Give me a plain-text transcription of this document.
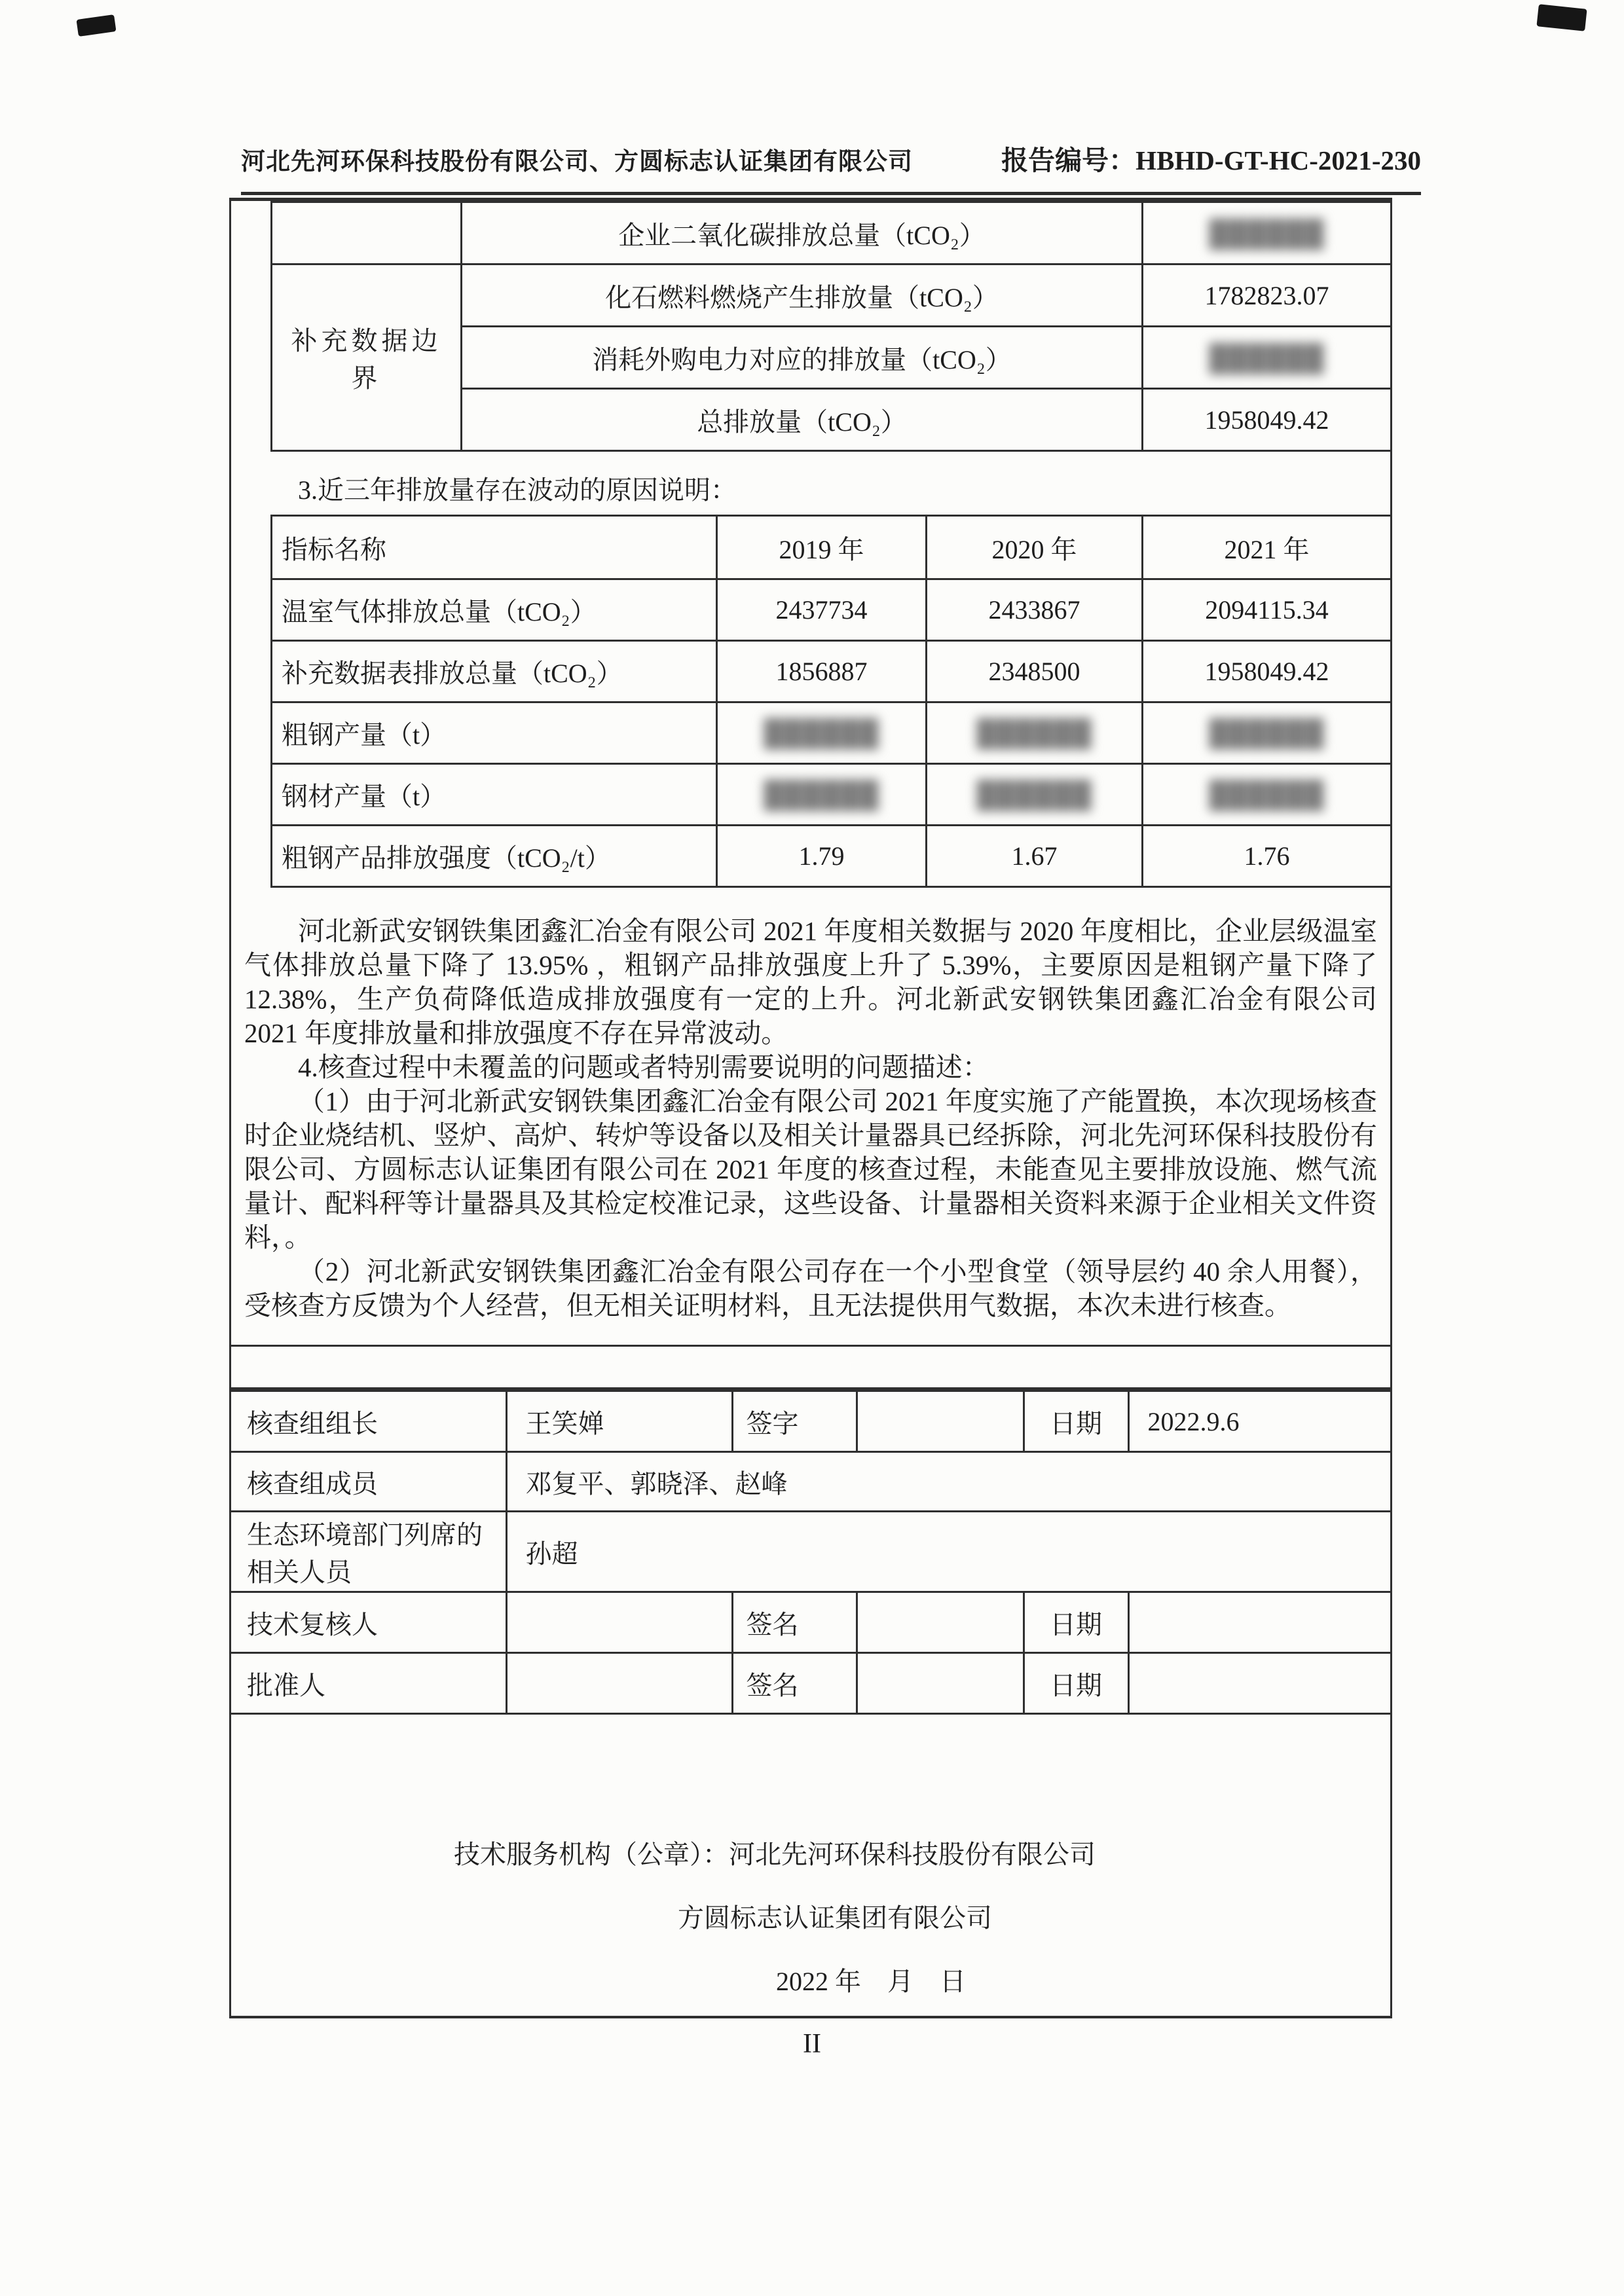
河北先河环保科技股份有限公司、方圆标志认证集团有限公司	报告编号：HBHD-GT-HC-2021-230
	企业二氧化碳排放总量（tCO₂）	██████
补充数据边界	化石燃料燃烧产生排放量（tCO₂）	1782823.07
	消耗外购电力对应的排放量（tCO₂）	██████
	总排放量（tCO₂）	1958049.42
3.近三年排放量存在波动的原因说明：
指标名称	2019 年	2020 年	2021 年
温室气体排放总量（tCO₂）	2437734	2433867	2094115.34
补充数据表排放总量（tCO₂）	1856887	2348500	1958049.42
粗钢产量（t）	██████	██████	██████
钢材产量（t）	██████	██████	██████
粗钢产品排放强度（tCO₂/t）	1.79	1.67	1.76

河北新武安钢铁集团鑫汇冶金有限公司 2021 年度相关数据与 2020 年度相比，企业层级温室气体排放总量下降了 13.95% ，粗钢产品排放强度上升了 5.39%，主要原因是粗钢产量下降了 12.38%，生产负荷降低造成排放强度有一定的上升。河北新武安钢铁集团鑫汇冶金有限公司 2021 年度排放量和排放强度不存在异常波动。

4.核查过程中未覆盖的问题或者特别需要说明的问题描述：

（1）由于河北新武安钢铁集团鑫汇冶金有限公司 2021 年度实施了产能置换，本次现场核查时企业烧结机、竖炉、高炉、转炉等设备以及相关计量器具已经拆除，河北先河环保科技股份有限公司、方圆标志认证集团有限公司在 2021 年度的核查过程，未能查见主要排放设施、燃气流量计、配料秤等计量器具及其检定校准记录，这些设备、计量器相关资料来源于企业相关文件资料，。

（2）河北新武安钢铁集团鑫汇冶金有限公司存在一个小型食堂（领导层约 40 余人用餐），受核查方反馈为个人经营，但无相关证明材料，且无法提供用气数据，本次未进行核查。

核查组组长	王笑婵	签字		日期	2022.9.6
核查组成员	邓复平、郭晓泽、赵峰				
生态环境部门列席的相关人员	孙超				
技术复核人		签名		日期	
批准人		签名		日期	
技术服务机构（公章）：河北先河环保科技股份有限公司
方圆标志认证集团有限公司
2022 年    月    日
II
